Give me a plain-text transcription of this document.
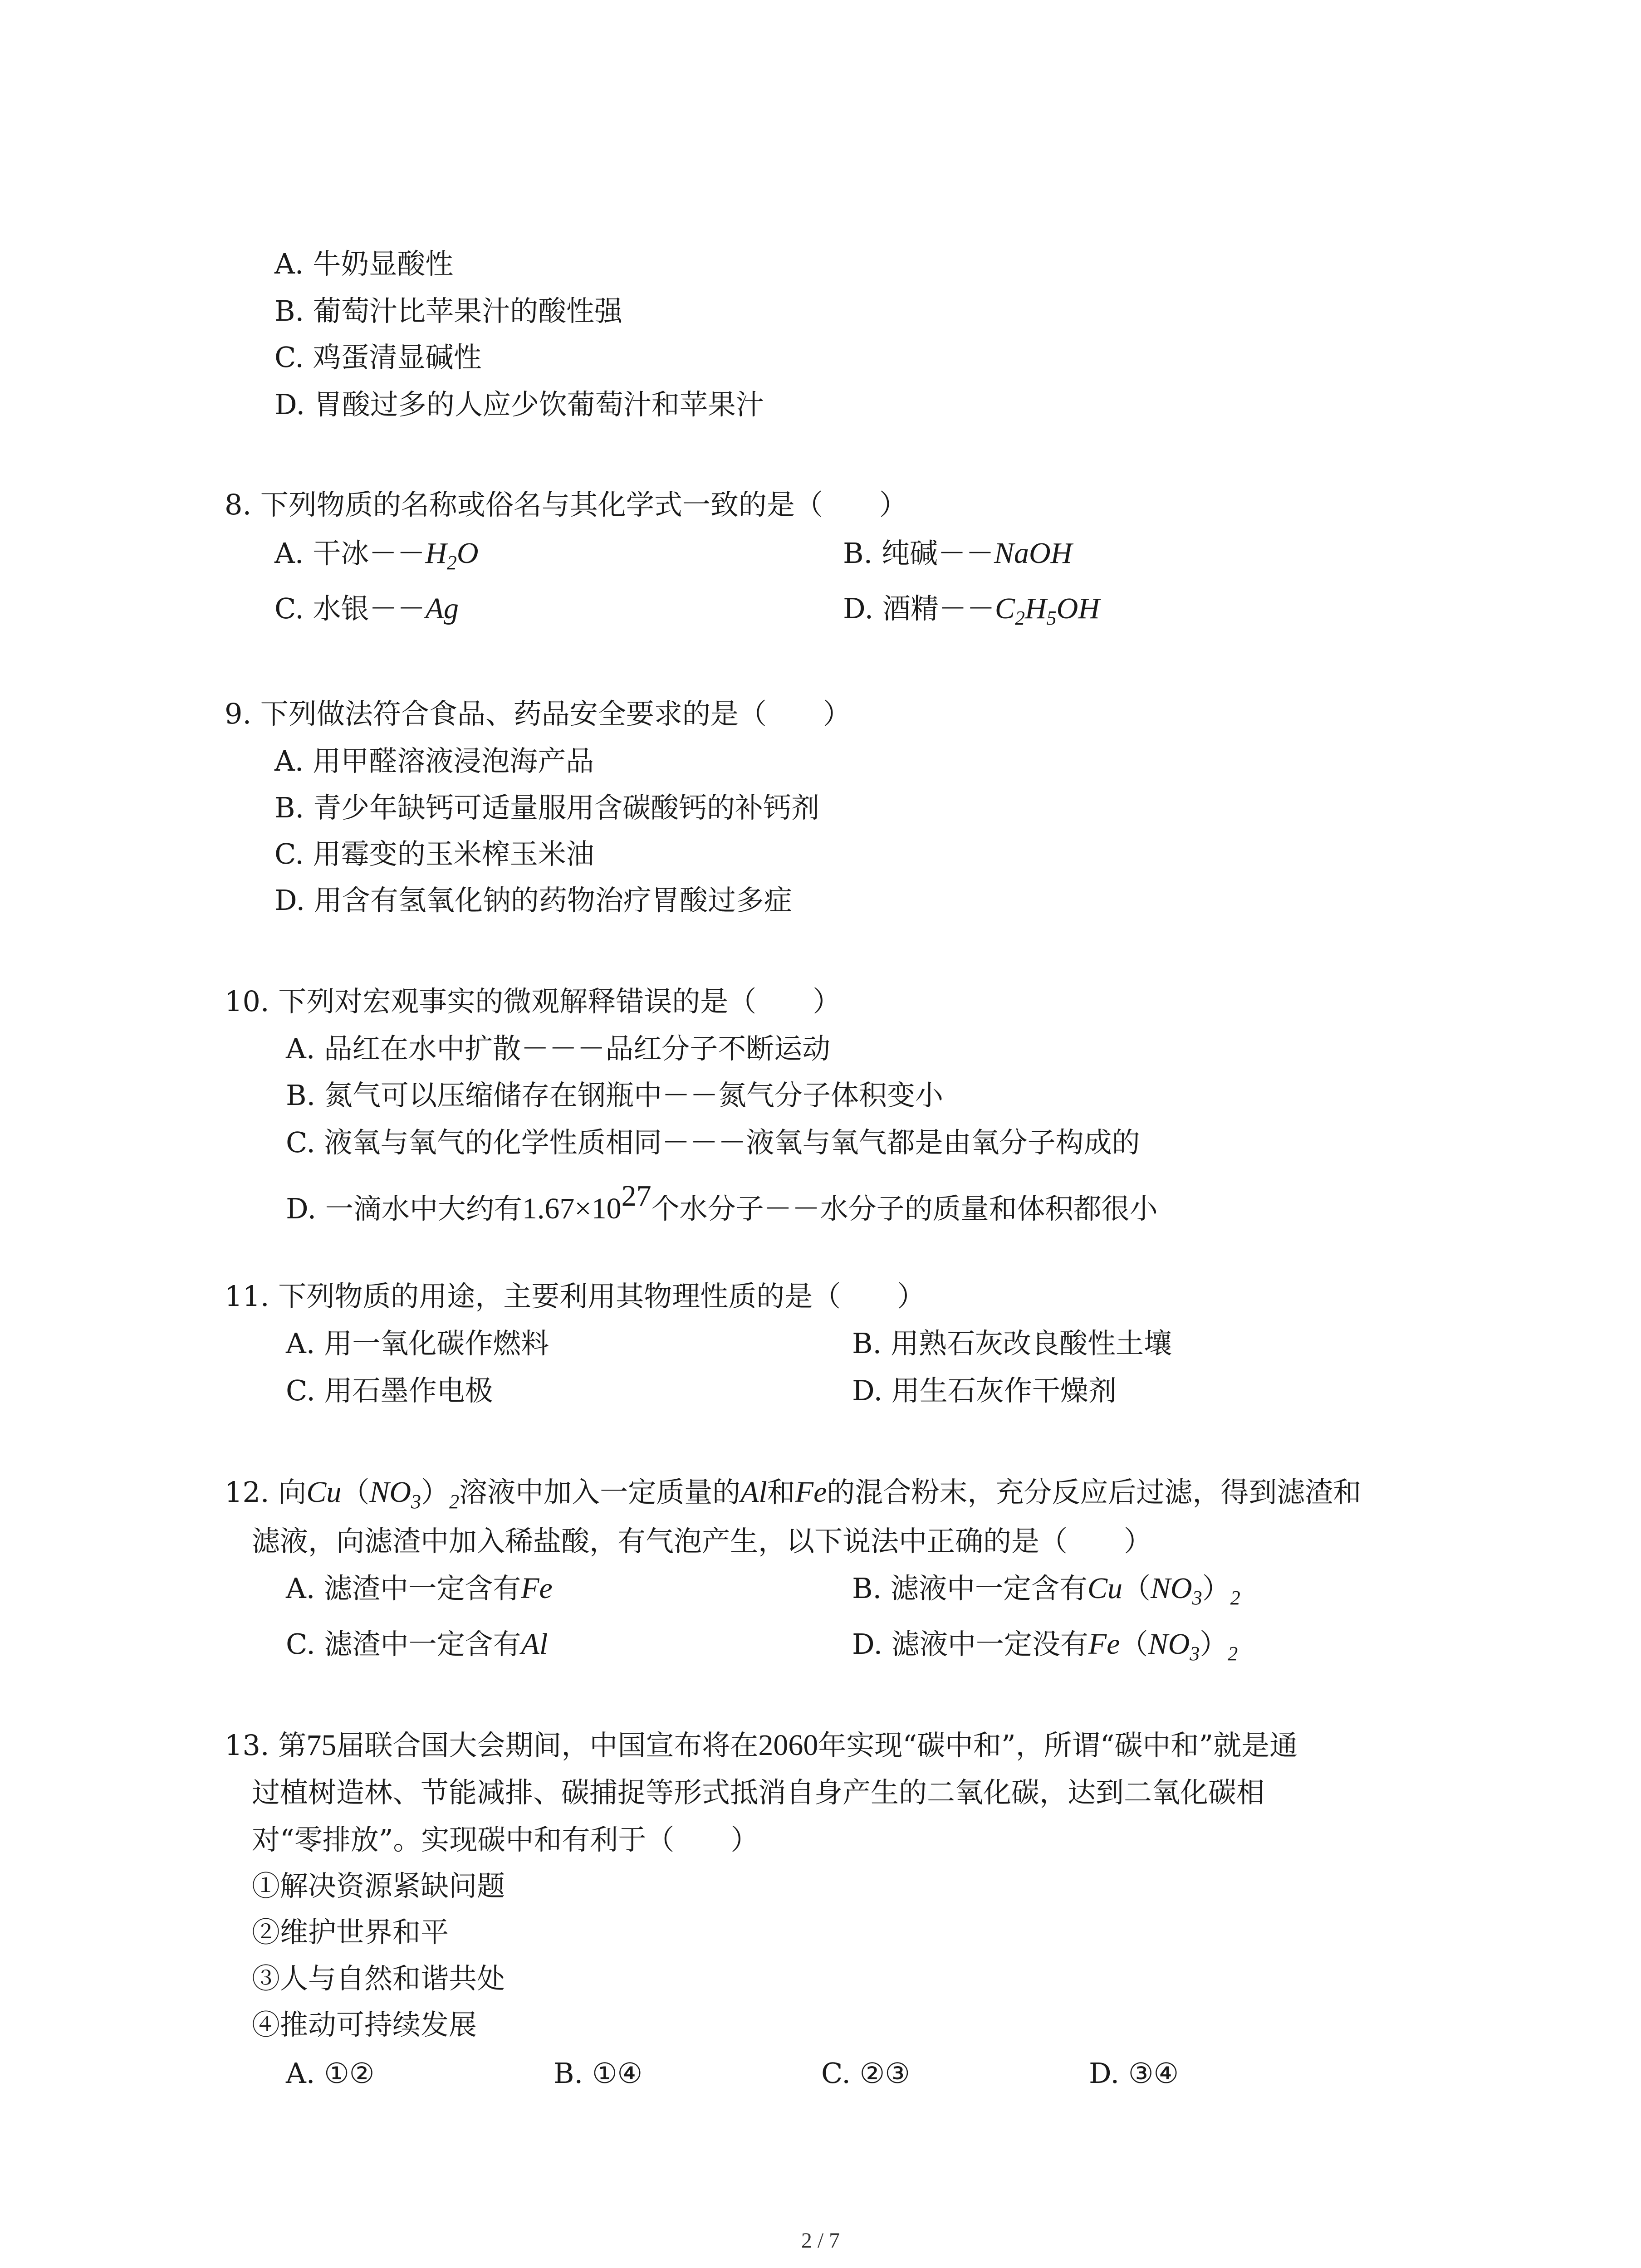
A. 牛奶显酸性
B. 葡萄汁比苹果汁的酸性强
C. 鸡蛋清显碱性
D. 胃酸过多的人应少饮葡萄汁和苹果汁
8. 下列物质的名称或俗名与其化学式一致的是（　　）
A. 干冰$--H_2O$	B. 纯碱－－NaOH
C. 水银－－Ag	D. 酒精$--C_2H_5OH$
9. 下列做法符合食品、药品安全要求的是（　　）
A. 用甲醛溶液浸泡海产品
B. 青少年缺钙可适量服用含碳酸钙的补钙剂
C. 用霉变的玉米榨玉米油
D. 用含有氢氧化钠的药物治疗胃酸过多症
10. 下列对宏观事实的微观解释错误的是（　　）
A. 品红在水中扩散－－－品红分子不断运动
B. 氮气可以压缩储存在钢瓶中－－氮气分子体积变小
C. 液氧与氧气的化学性质相同－－－液氧与氧气都是由氧分子构成的
D. 一滴水中大约有1.67×1027个水分子－－水分子的质量和体积都很小
11. 下列物质的用途，主要利用其物理性质的是（　　）
A. 用一氧化碳作燃料	B. 用熟石灰改良酸性土壤
C. 用石墨作电极	D. 用生石灰作干燥剂
12. 向$Cu(NO_3)_2$溶液中加入一定质量的Al和Fe的混合粉末，充分反应后过滤，得到滤渣和
滤液，向滤渣中加入稀盐酸，有气泡产生，以下说法中正确的是（　　）
A. 滤渣中一定含有Fe	B. 滤液中一定含有$Cu(NO_3)_2$
C. 滤渣中一定含有Al	D. 滤液中一定没有$Fe(NO_3)_2$
13. 第75届联合国大会期间，中国宣布将在2060年实现“碳中和”，所谓“碳中和”就是通
过植树造林、节能减排、碳捕捉等形式抵消自身产生的二氧化碳，达到二氧化碳相
对“零排放”。实现碳中和有利于（　　）
①解决资源紧缺问题
②维护世界和平
③人与自然和谐共处
④推动可持续发展
A. ①②	B. ①④	C. ②③	D. ③④
2 / 7
